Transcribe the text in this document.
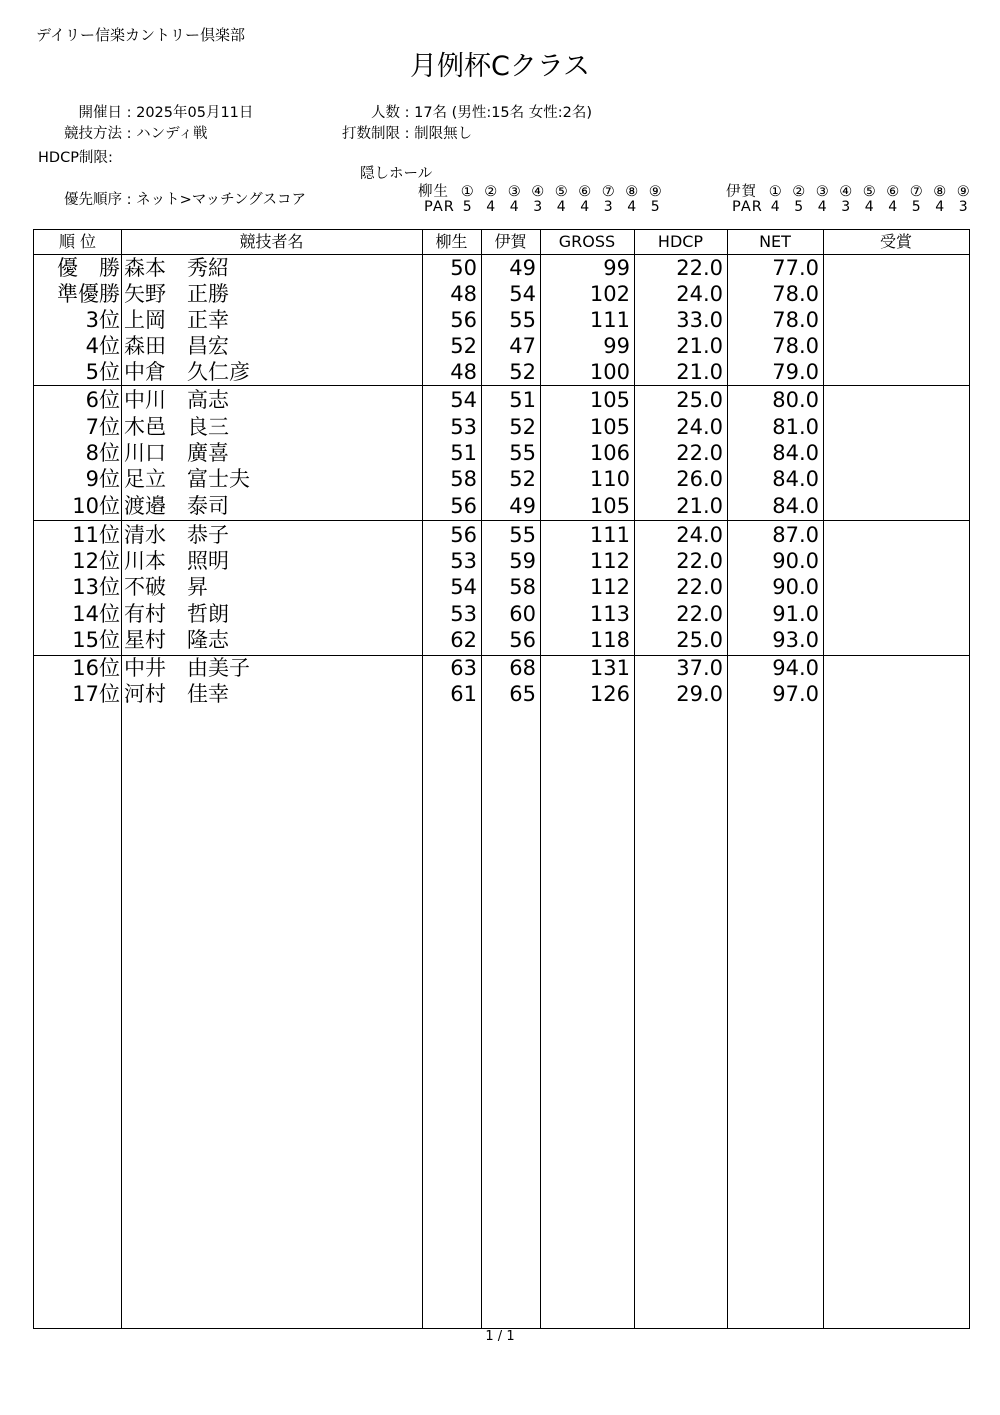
デイリー信楽カントリー倶楽部
月例杯Cクラス
開催日 : 2025年05月11日
競技方法 : ハンディ戦
HDCP制限:
優先順序 : ネット>マッチングスコア
人数 : 17名 (男性:15名 女性:2名)
打数制限 : 制限無し
隠しホール
柳生 ① ② ③ ④ ⑤ ⑥ ⑦ ⑧ ⑨
PAR 5 4 4 3 4 4 3 4 5
伊賀 ① ② ③ ④ ⑤ ⑥ ⑦ ⑧ ⑨
PAR 4 5 4 3 4 4 5 4 3
順 位	競技者名	柳生	伊賀	GROSS	HDCP	NET	受賞
優　勝 森本　秀紹	50	49	99	22.0	77.0
準優勝 矢野　正勝	48	54	102	24.0	78.0
3位 上岡　正幸	56	55	111	33.0	78.0
4位 森田　昌宏	52	47	99	21.0	78.0
5位 中倉　久仁彦	48	52	100	21.0	79.0
6位 中川　高志	54	51	105	25.0	80.0
7位 木邑　良三	53	52	105	24.0	81.0
8位 川口　廣喜	51	55	106	22.0	84.0
9位 足立　富士夫	58	52	110	26.0	84.0
10位 渡邉　泰司	56	49	105	21.0	84.0
11位 清水　恭子	56	55	111	24.0	87.0
12位 川本　照明	53	59	112	22.0	90.0
13位 不破　昇	54	58	112	22.0	90.0
14位 有村　哲朗	53	60	113	22.0	91.0
15位 星村　隆志	62	56	118	25.0	93.0
16位 中井　由美子	63	68	131	37.0	94.0
17位 河村　佳幸	61	65	126	29.0	97.0
1 / 1
